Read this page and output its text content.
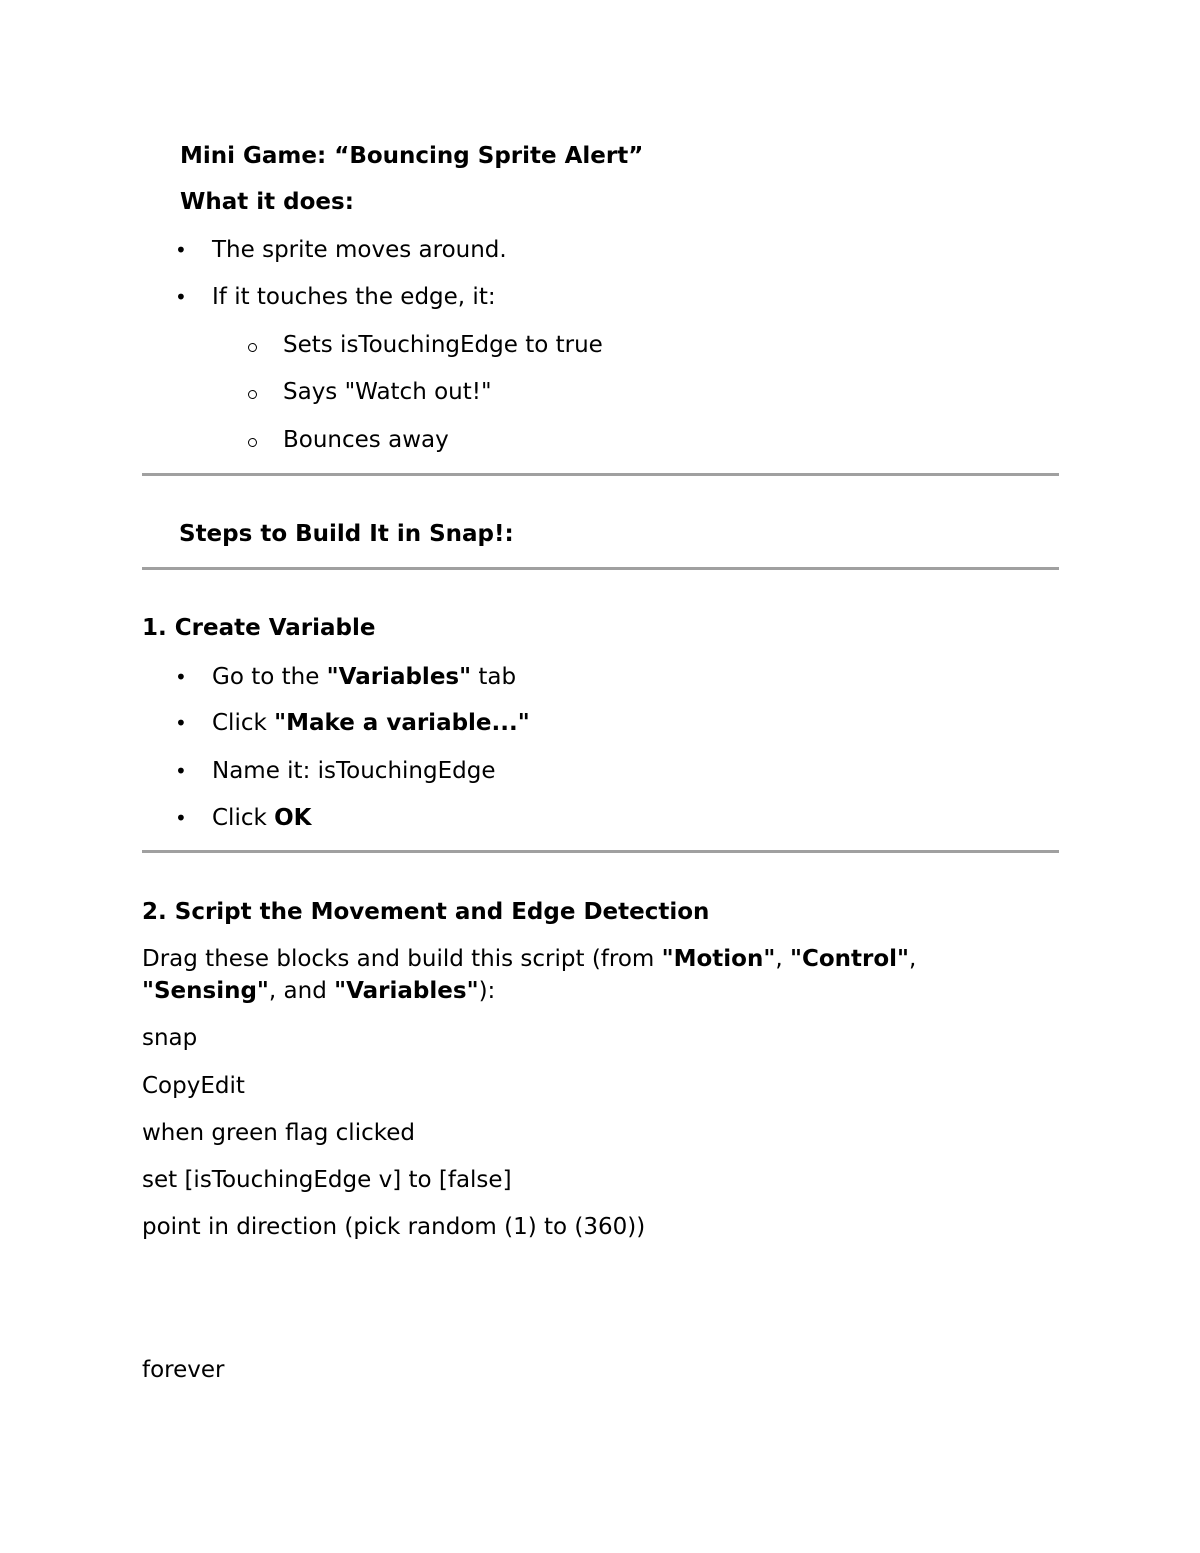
Mini Game: “Bouncing Sprite Alert”
What it does:
• The sprite moves around.
• If it touches the edge, it:
Sets isTouchingEdge to true
Says "Watch out!"
Bounces away
Steps to Build It in Snap!:
1. Create Variable
• Go to the "Variables" tab
• Click "Make a variable..."
• Name it: isTouchingEdge
• Click OK
2. Script the Movement and Edge Detection
Drag these blocks and build this script (from "Motion", "Control",
"Sensing", and "Variables"):
snap
CopyEdit
when green flag clicked
set [isTouchingEdge v] to [false]
point in direction (pick random (1) to (360))
forever
